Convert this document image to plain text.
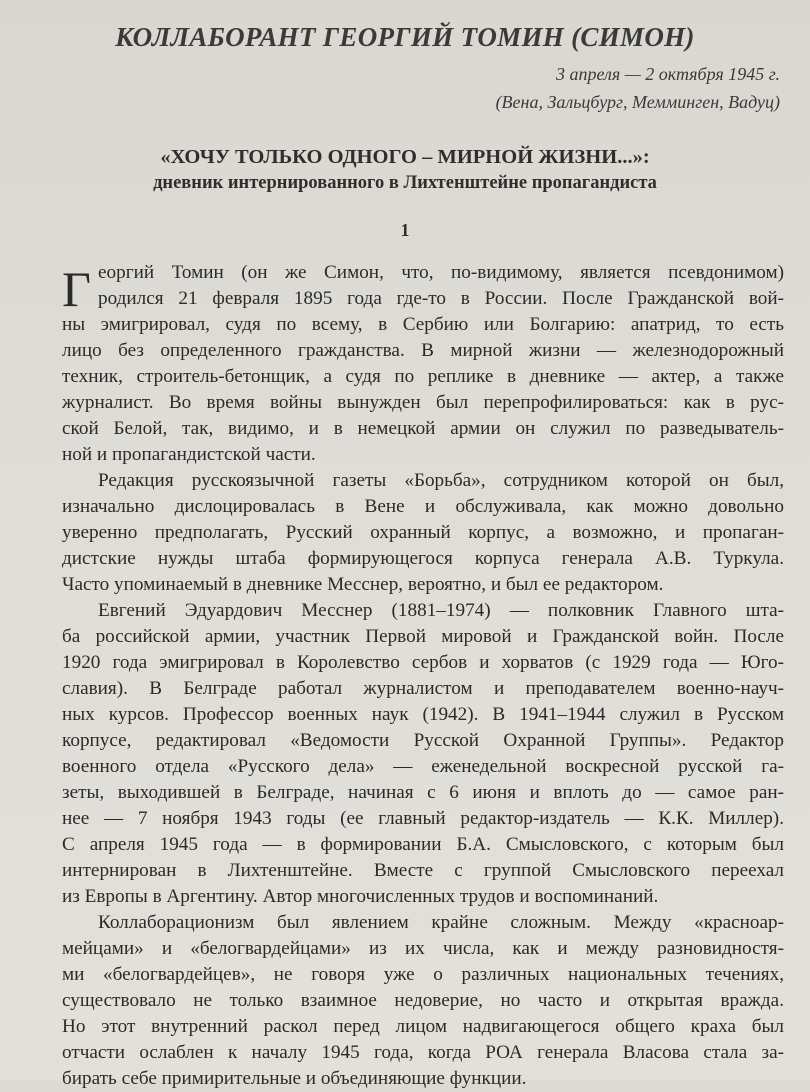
КОЛЛАБОРАНТ ГЕОРГИЙ ТОМИН (СИМОН)
3 апреля — 2 октября 1945 г.
(Вена, Зальцбург, Мемминген, Вадуц)
«ХОЧУ ТОЛЬКО ОДНОГО – МИРНОЙ ЖИЗНИ...»:
дневник интернированного в Лихтенштейне пропагандиста
1
Г еоргий Томин (он же Симон, что, по-видимому, является псевдонимом)
родился 21 февраля 1895 года где-то в России. После Гражданской вой-
ны эмигрировал, судя по всему, в Сербию или Болгарию: апатрид, то есть
лицо без определенного гражданства. В мирной жизни — железнодорожный
техник, строитель-бетонщик, а судя по реплике в дневнике — актер, а также
журналист. Во время войны вынужден был перепрофилироваться: как в рус-
ской Белой, так, видимо, и в немецкой армии он служил по разведыватель-
ной и пропагандистской части.
Редакция русскоязычной газеты «Борьба», сотрудником которой он был,
изначально дислоцировалась в Вене и обслуживала, как можно довольно
уверенно предполагать, Русский охранный корпус, а возможно, и пропаган-
дистские нужды штаба формирующегося корпуса генерала А.В. Туркула.
Часто упоминаемый в дневнике Месснер, вероятно, и был ее редактором.
Евгений Эдуардович Месснер (1881–1974) — полковник Главного шта-
ба российской армии, участник Первой мировой и Гражданской войн. После
1920 года эмигрировал в Королевство сербов и хорватов (с 1929 года — Юго-
славия). В Белграде работал журналистом и преподавателем военно-науч-
ных курсов. Профессор военных наук (1942). В 1941–1944 служил в Русском
корпусе, редактировал «Ведомости Русской Охранной Группы». Редактор
военного отдела «Русского дела» — еженедельной воскресной русской га-
зеты, выходившей в Белграде, начиная с 6 июня и вплоть до — самое ран-
нее — 7 ноября 1943 годы (ее главный редактор-издатель — К.К. Миллер).
С апреля 1945 года — в формировании Б.А. Смысловского, с которым был
интернирован в Лихтенштейне. Вместе с группой Смысловского переехал
из Европы в Аргентину. Автор многочисленных трудов и воспоминаний.
Коллаборационизм был явлением крайне сложным. Между «красноар-
мейцами» и «белогвардейцами» из их числа, как и между разновидностя-
ми «белогвардейцев», не говоря уже о различных национальных течениях,
существовало не только взаимное недоверие, но часто и открытая вражда.
Но этот внутренний раскол перед лицом надвигающегося общего краха был
отчасти ослаблен к началу 1945 года, когда РОА генерала Власова стала за-
бирать себе примирительные и объединяющие функции.
